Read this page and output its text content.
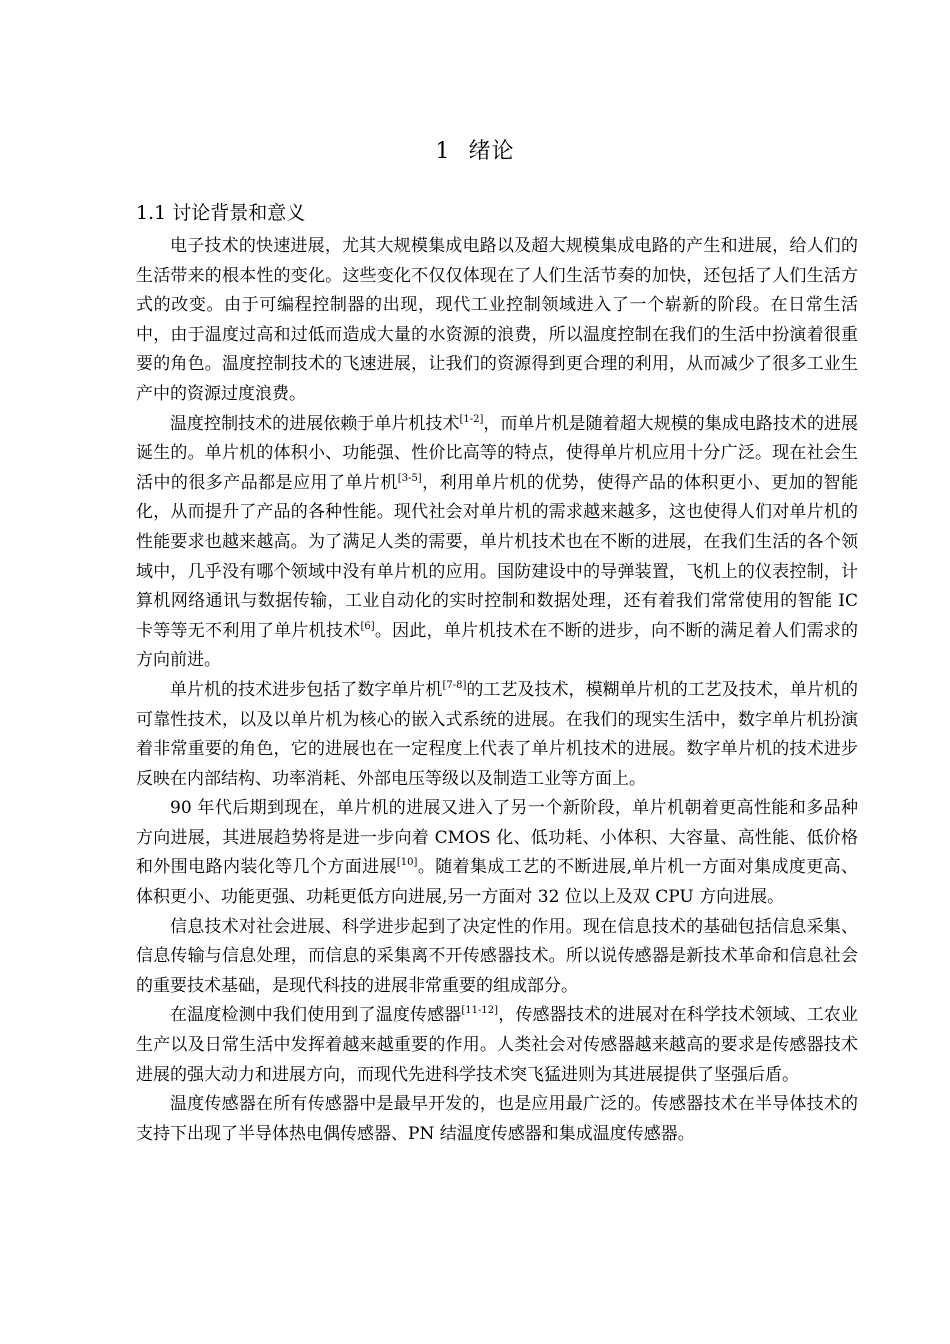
1 绪论
1.1 讨论背景和意义

电子技术的快速进展，尤其大规模集成电路以及超大规模集成电路的产生和进展，给人们的生活带来的根本性的变化。这些变化不仅仅体现在了人们生活节奏的加快，还包括了人们生活方式的改变。由于可编程控制器的出现，现代工业控制领域进入了一个崭新的阶段。在日常生活中，由于温度过高和过低而造成大量的水资源的浪费，所以温度控制在我们的生活中扮演着很重要的角色。温度控制技术的飞速进展，让我们的资源得到更合理的利用，从而减少了很多工业生产中的资源过度浪费。

温度控制技术的进展依赖于单片机技术[1-2]，而单片机是随着超大规模的集成电路技术的进展诞生的。单片机的体积小、功能强、性价比高等的特点，使得单片机应用十分广泛。现在社会生活中的很多产品都是应用了单片机[3-5]，利用单片机的优势，使得产品的体积更小、更加的智能化，从而提升了产品的各种性能。现代社会对单片机的需求越来越多，这也使得人们对单片机的性能要求也越来越高。为了满足人类的需要，单片机技术也在不断的进展，在我们生活的各个领域中，几乎没有哪个领域中没有单片机的应用。国防建设中的导弹装置，飞机上的仪表控制，计算机网络通讯与数据传输，工业自动化的实时控制和数据处理，还有着我们常常使用的智能 IC 卡等等无不利用了单片机技术[6]。因此，单片机技术在不断的进步，向不断的满足着人们需求的方向前进。

单片机的技术进步包括了数字单片机[7-8]的工艺及技术，模糊单片机的工艺及技术，单片机的可靠性技术，以及以单片机为核心的嵌入式系统的进展。在我们的现实生活中，数字单片机扮演着非常重要的角色，它的进展也在一定程度上代表了单片机技术的进展。数字单片机的技术进步反映在内部结构、功率消耗、外部电压等级以及制造工业等方面上。

90 年代后期到现在，单片机的进展又进入了另一个新阶段，单片机朝着更高性能和多品种方向进展，其进展趋势将是进一步向着 CMOS 化、低功耗、小体积、大容量、高性能、低价格和外围电路内装化等几个方面进展[10]。随着集成工艺的不断进展,单片机一方面对集成度更高、体积更小、功能更强、功耗更低方向进展,另一方面对 32 位以上及双 CPU 方向进展。

信息技术对社会进展、科学进步起到了决定性的作用。现在信息技术的基础包括信息采集、信息传输与信息处理，而信息的采集离不开传感器技术。所以说传感器是新技术革命和信息社会的重要技术基础，是现代科技的进展非常重要的组成部分。

在温度检测中我们使用到了温度传感器[11-12]，传感器技术的进展对在科学技术领域、工农业生产以及日常生活中发挥着越来越重要的作用。人类社会对传感器越来越高的要求是传感器技术进展的强大动力和进展方向，而现代先进科学技术突飞猛进则为其进展提供了坚强后盾。

温度传感器在所有传感器中是最早开发的，也是应用最广泛的。传感器技术在半导体技术的支持下出现了半导体热电偶传感器、PN 结温度传感器和集成温度传感器。
